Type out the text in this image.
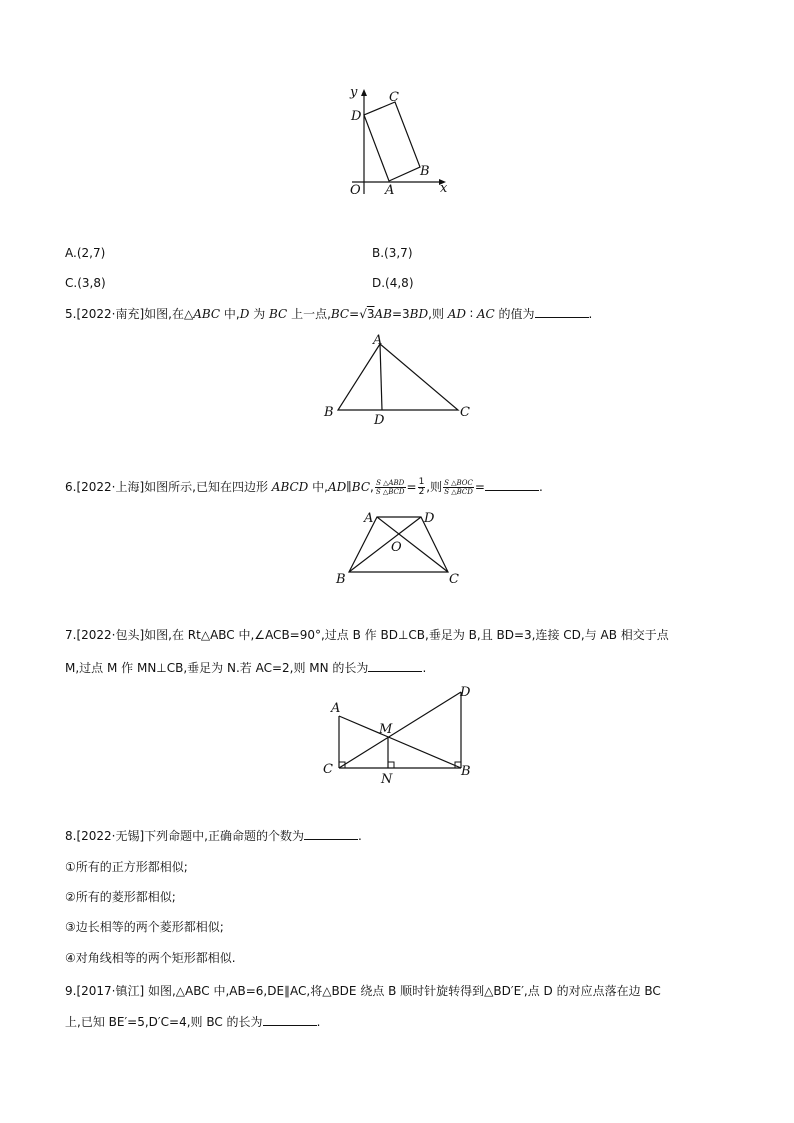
y
x
O A
B
C
D
A.(2,7)	B.(3,7)
C.(3,8)	D.(4,8)
5.[2022·南充]如图,在△ABC 中,D 为 BC 上一点,BC=√3AB=3BD,则 AD ∶ AC 的值为	.
A
B	C
D
6.[2022·上海]如图所示,已知在四边形 ABCD 中,AD∥BC, $\frac{\text{S △ABD}}{\text{S △BCD}} = \frac{1}{2}$ ,则 $\frac{\text{S △BOC}}{\text{S △BCD}}$ =	.
A	D
O
B	C
7.[2022·包头]如图,在 Rt△ABC 中,∠ACB=90°,过点 B 作 BD⊥CB,垂足为 B,且 BD=3,连接 CD,与 AB 相交于点
M,过点 M 作 MN⊥CB,垂足为 N.若 AC=2,则 MN 的长为	.
A
C
M
N
B
D
8.[2022·无锡]下列命题中,正确命题的个数为	.
①所有的正方形都相似;
②所有的菱形都相似;
③边长相等的两个菱形都相似;
④对角线相等的两个矩形都相似.
9.[2017·镇江] 如图,△ABC 中,AB=6,DE∥AC,将△BDE 绕点 B 顺时针旋转得到△BD′E′,点 D 的对应点落在边 BC
上,已知 BE′=5,D′C=4,则 BC 的长为	.
